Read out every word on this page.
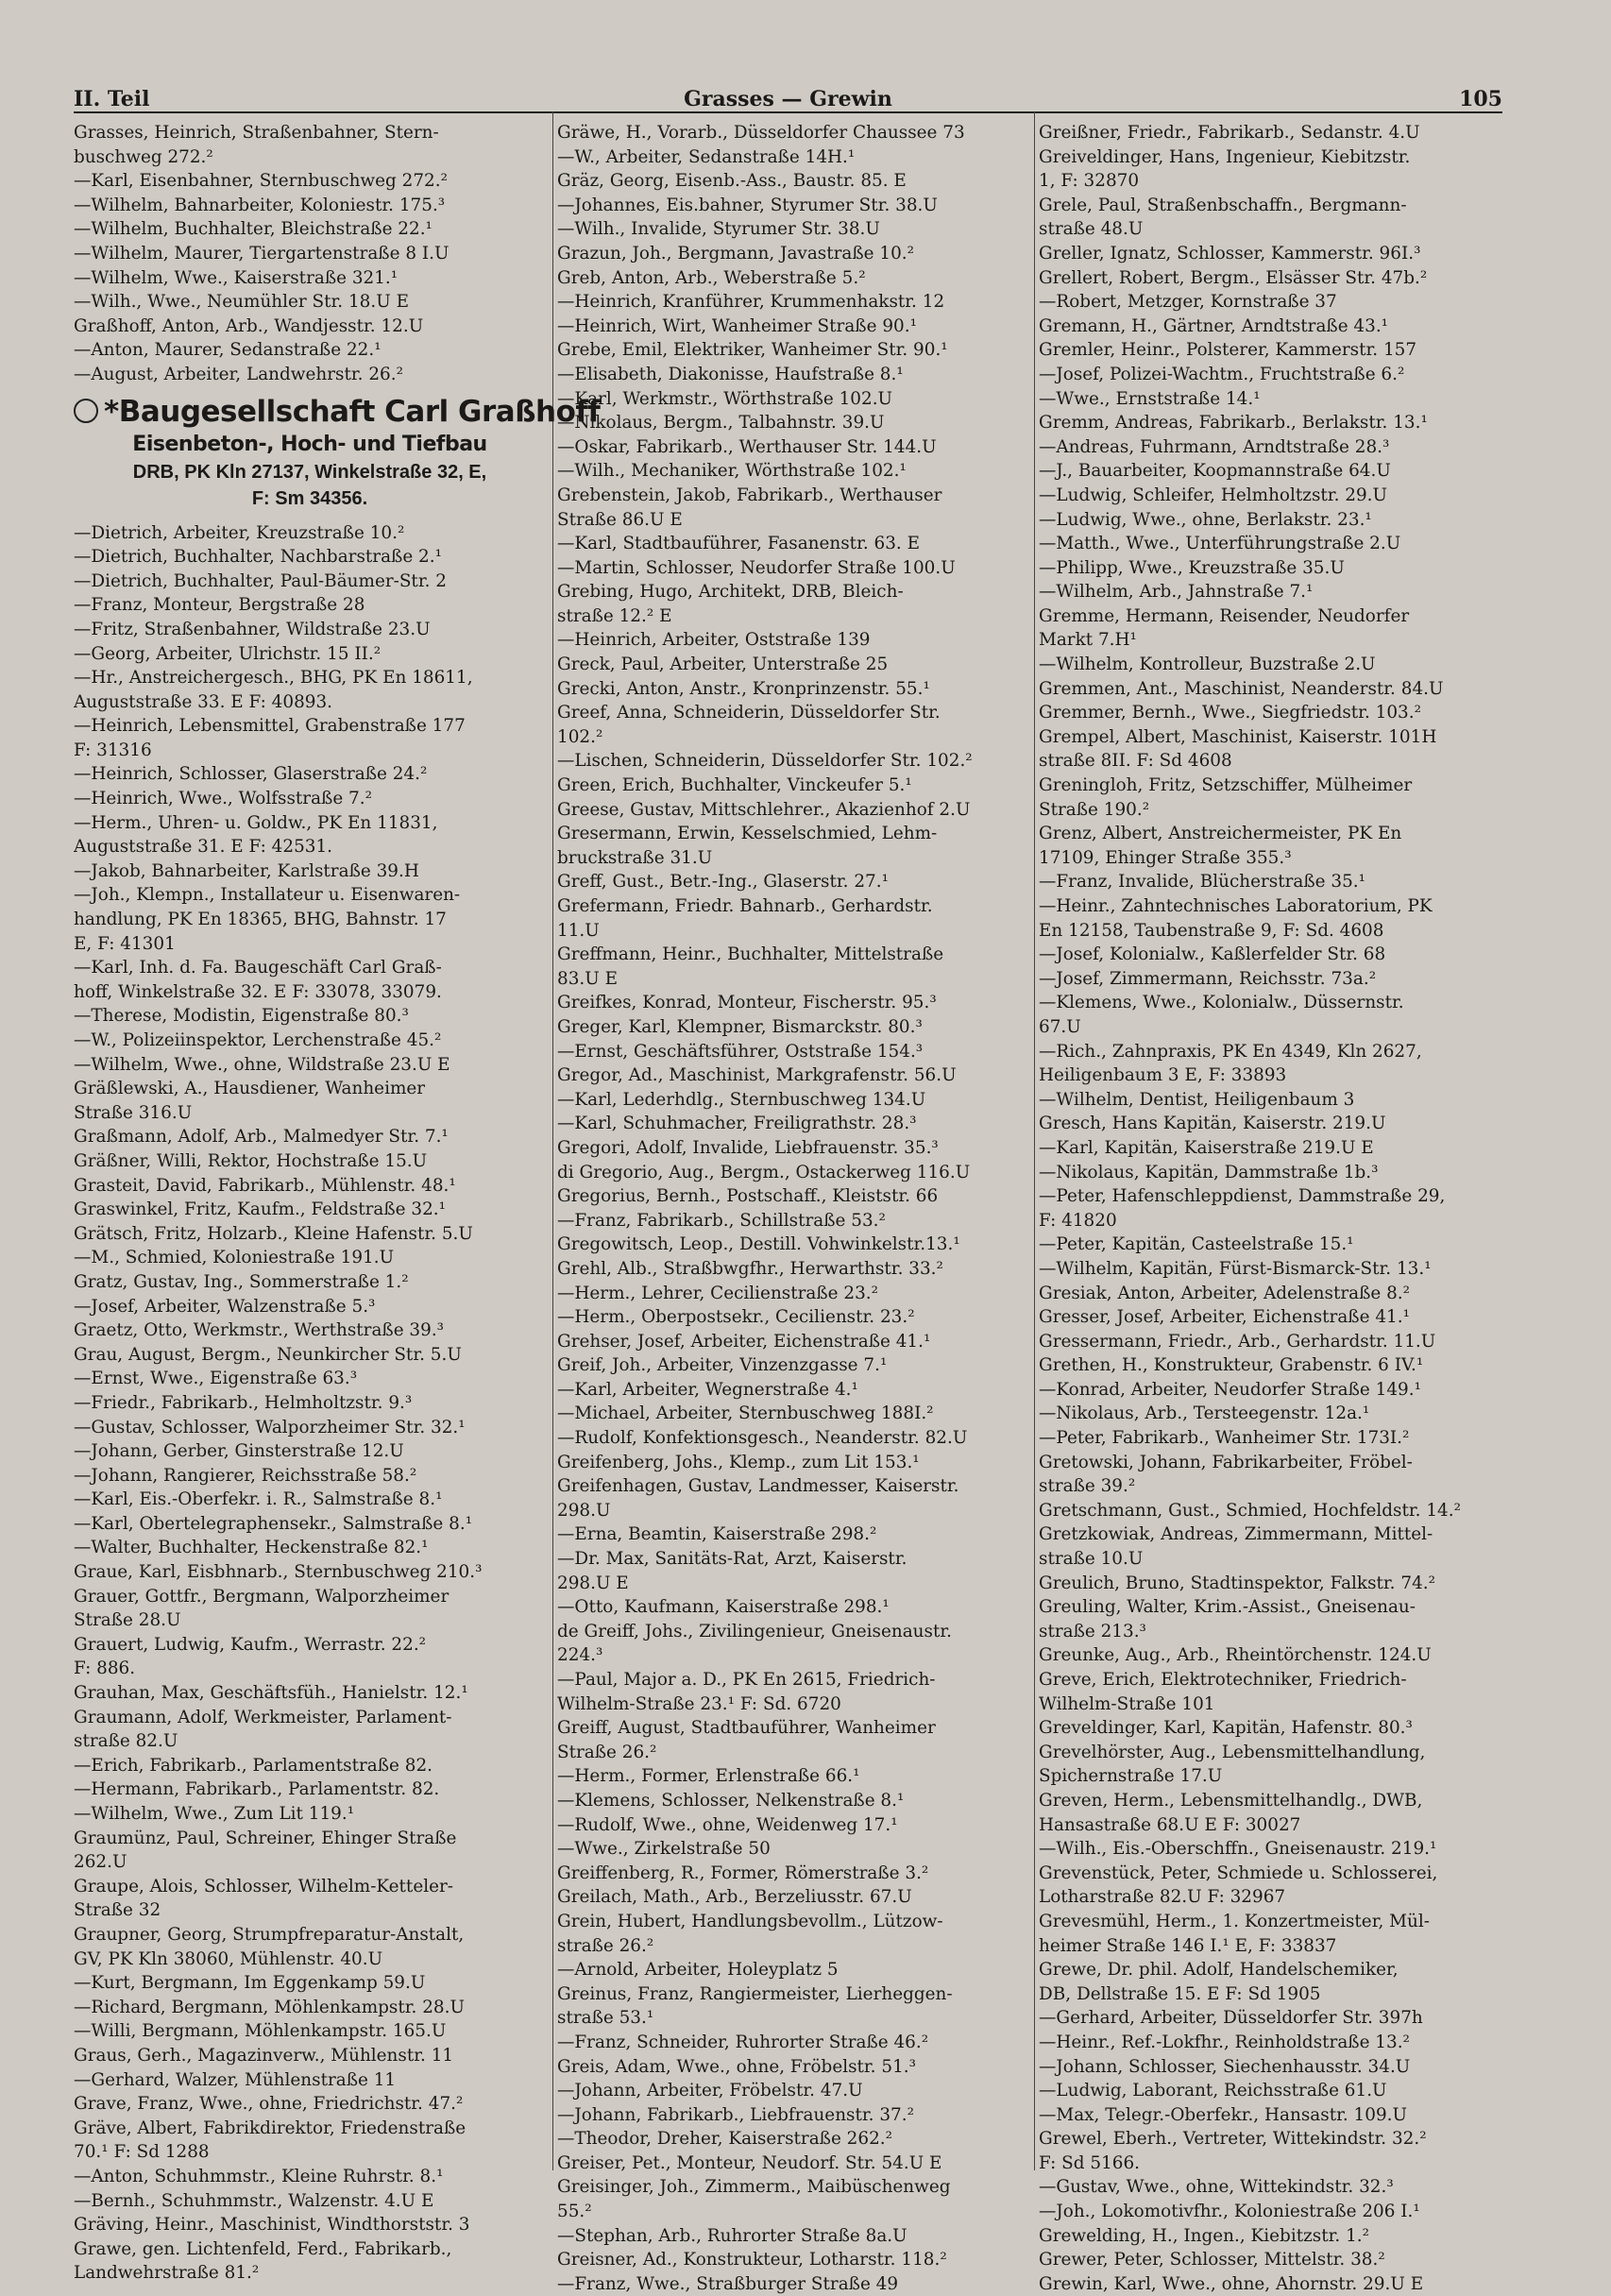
II. Teil	Grasses — Grewin	105
Grasses, Heinrich, Straßenbahner, Stern-
buschweg 272.²
—Karl, Eisenbahner, Sternbuschweg 272.²
—Wilhelm, Bahnarbeiter, Koloniestr. 175.³
—Wilhelm, Buchhalter, Bleichstraße 22.¹
—Wilhelm, Maurer, Tiergartenstraße 8 I.U
—Wilhelm, Wwe., Kaiserstraße 321.¹
—Wilh., Wwe., Neumühler Str. 18.U E
Graßhoff, Anton, Arb., Wandjesstr. 12.U
—Anton, Maurer, Sedanstraße 22.¹
—August, Arbeiter, Landwehrstr. 26.²
*Baugesellschaft Carl Graßhoff
Eisenbeton-, Hoch- und Tiefbau
DRB, PK Kln 27137, Winkelstraße 32, E,
F: Sm 34356.
—Dietrich, Arbeiter, Kreuzstraße 10.²
—Dietrich, Buchhalter, Nachbarstraße 2.¹
—Dietrich, Buchhalter, Paul-Bäumer-Str. 2
—Franz, Monteur, Bergstraße 28
—Fritz, Straßenbahner, Wildstraße 23.U
—Georg, Arbeiter, Ulrichstr. 15 II.²
—Hr., Anstreichergesch., BHG, PK En 18611,
Auguststraße 33. E F: 40893.
—Heinrich, Lebensmittel, Grabenstraße 177
F: 31316
—Heinrich, Schlosser, Glaserstraße 24.²
—Heinrich, Wwe., Wolfsstraße 7.²
—Herm., Uhren- u. Goldw., PK En 11831,
Auguststraße 31. E F: 42531.
—Jakob, Bahnarbeiter, Karlstraße 39.H
—Joh., Klempn., Installateur u. Eisenwaren-
handlung, PK En 18365, BHG, Bahnstr. 17
E, F: 41301
—Karl, Inh. d. Fa. Baugeschäft Carl Graß-
hoff, Winkelstraße 32. E F: 33078, 33079.
—Therese, Modistin, Eigenstraße 80.³
—W., Polizeiinspektor, Lerchenstraße 45.²
—Wilhelm, Wwe., ohne, Wildstraße 23.U E
Gräßlewski, A., Hausdiener, Wanheimer
Straße 316.U
Graßmann, Adolf, Arb., Malmedyer Str. 7.¹
Gräßner, Willi, Rektor, Hochstraße 15.U
Grasteit, David, Fabrikarb., Mühlenstr. 48.¹
Graswinkel, Fritz, Kaufm., Feldstraße 32.¹
Grätsch, Fritz, Holzarb., Kleine Hafenstr. 5.U
—M., Schmied, Koloniestraße 191.U
Gratz, Gustav, Ing., Sommerstraße 1.²
—Josef, Arbeiter, Walzenstraße 5.³
Graetz, Otto, Werkmstr., Werthstraße 39.³
Grau, August, Bergm., Neunkircher Str. 5.U
—Ernst, Wwe., Eigenstraße 63.³
—Friedr., Fabrikarb., Helmholtzstr. 9.³
—Gustav, Schlosser, Walporzheimer Str. 32.¹
—Johann, Gerber, Ginsterstraße 12.U
—Johann, Rangierer, Reichsstraße 58.²
—Karl, Eis.-Oberfekr. i. R., Salmstraße 8.¹
—Karl, Obertelegraphensekr., Salmstraße 8.¹
—Walter, Buchhalter, Heckenstraße 82.¹
Graue, Karl, Eisbhnarb., Sternbuschweg 210.³
Grauer, Gottfr., Bergmann, Walporzheimer
Straße 28.U
Grauert, Ludwig, Kaufm., Werrastr. 22.²
F: 886.
Grauhan, Max, Geschäftsfüh., Hanielstr. 12.¹
Graumann, Adolf, Werkmeister, Parlament-
straße 82.U
—Erich, Fabrikarb., Parlamentstraße 82.
—Hermann, Fabrikarb., Parlamentstr. 82.
—Wilhelm, Wwe., Zum Lit 119.¹
Graumünz, Paul, Schreiner, Ehinger Straße
262.U
Graupe, Alois, Schlosser, Wilhelm-Ketteler-
Straße 32
Graupner, Georg, Strumpfreparatur-Anstalt,
GV, PK Kln 38060, Mühlenstr. 40.U
—Kurt, Bergmann, Im Eggenkamp 59.U
—Richard, Bergmann, Möhlenkampstr. 28.U
—Willi, Bergmann, Möhlenkampstr. 165.U
Graus, Gerh., Magazinverw., Mühlenstr. 11
—Gerhard, Walzer, Mühlenstraße 11
Grave, Franz, Wwe., ohne, Friedrichstr. 47.²
Gräve, Albert, Fabrikdirektor, Friedenstraße
70.¹ F: Sd 1288
—Anton, Schuhmmstr., Kleine Ruhrstr. 8.¹
—Bernh., Schuhmmstr., Walzenstr. 4.U E
Gräving, Heinr., Maschinist, Windthorststr. 3
Grawe, gen. Lichtenfeld, Ferd., Fabrikarb.,
Landwehrstraße 81.²
Gräwe, H., Vorarb., Düsseldorfer Chaussee 73
—W., Arbeiter, Sedanstraße 14H.¹
Gräz, Georg, Eisenb.-Ass., Baustr. 85. E
—Johannes, Eis.bahner, Styrumer Str. 38.U
—Wilh., Invalide, Styrumer Str. 38.U
Grazun, Joh., Bergmann, Javastraße 10.²
Greb, Anton, Arb., Weberstraße 5.²
—Heinrich, Kranführer, Krummenhakstr. 12
—Heinrich, Wirt, Wanheimer Straße 90.¹
Grebe, Emil, Elektriker, Wanheimer Str. 90.¹
—Elisabeth, Diakonisse, Haufstraße 8.¹
—Karl, Werkmstr., Wörthstraße 102.U
—Nikolaus, Bergm., Talbahnstr. 39.U
—Oskar, Fabrikarb., Werthauser Str. 144.U
—Wilh., Mechaniker, Wörthstraße 102.¹
Grebenstein, Jakob, Fabrikarb., Werthauser
Straße 86.U E
—Karl, Stadtbauführer, Fasanenstr. 63. E
—Martin, Schlosser, Neudorfer Straße 100.U
Grebing, Hugo, Architekt, DRB, Bleich-
straße 12.² E
—Heinrich, Arbeiter, Oststraße 139
Greck, Paul, Arbeiter, Unterstraße 25
Grecki, Anton, Anstr., Kronprinzenstr. 55.¹
Greef, Anna, Schneiderin, Düsseldorfer Str.
102.²
—Lischen, Schneiderin, Düsseldorfer Str. 102.²
Green, Erich, Buchhalter, Vinckeufer 5.¹
Greese, Gustav, Mittschlehrer., Akazienhof 2.U
Gresermann, Erwin, Kesselschmied, Lehm-
bruckstraße 31.U
Greff, Gust., Betr.-Ing., Glaserstr. 27.¹
Grefermann, Friedr. Bahnarb., Gerhardstr.
11.U
Greffmann, Heinr., Buchhalter, Mittelstraße
83.U E
Greifkes, Konrad, Monteur, Fischerstr. 95.³
Greger, Karl, Klempner, Bismarckstr. 80.³
—Ernst, Geschäftsführer, Oststraße 154.³
Gregor, Ad., Maschinist, Markgrafenstr. 56.U
—Karl, Lederhdlg., Sternbuschweg 134.U
—Karl, Schuhmacher, Freiligrathstr. 28.³
Gregori, Adolf, Invalide, Liebfrauenstr. 35.³
di Gregorio, Aug., Bergm., Ostackerweg 116.U
Gregorius, Bernh., Postschaff., Kleiststr. 66
—Franz, Fabrikarb., Schillstraße 53.²
Gregowitsch, Leop., Destill. Vohwinkelstr.13.¹
Grehl, Alb., Straßbwgfhr., Herwarthstr. 33.²
—Herm., Lehrer, Cecilienstraße 23.²
—Herm., Oberpostsekr., Cecilienstr. 23.²
Grehser, Josef, Arbeiter, Eichenstraße 41.¹
Greif, Joh., Arbeiter, Vinzenzgasse 7.¹
—Karl, Arbeiter, Wegnerstraße 4.¹
—Michael, Arbeiter, Sternbuschweg 188I.²
—Rudolf, Konfektionsgesch., Neanderstr. 82.U
Greifenberg, Johs., Klemp., zum Lit 153.¹
Greifenhagen, Gustav, Landmesser, Kaiserstr.
298.U
—Erna, Beamtin, Kaiserstraße 298.²
—Dr. Max, Sanitäts-Rat, Arzt, Kaiserstr.
298.U E
—Otto, Kaufmann, Kaiserstraße 298.¹
de Greiff, Johs., Zivilingenieur, Gneisenaustr.
224.³
—Paul, Major a. D., PK En 2615, Friedrich-
Wilhelm-Straße 23.¹ F: Sd. 6720
Greiff, August, Stadtbauführer, Wanheimer
Straße 26.²
—Herm., Former, Erlenstraße 66.¹
—Klemens, Schlosser, Nelkenstraße 8.¹
—Rudolf, Wwe., ohne, Weidenweg 17.¹
—Wwe., Zirkelstraße 50
Greiffenberg, R., Former, Römerstraße 3.²
Greilach, Math., Arb., Berzeliusstr. 67.U
Grein, Hubert, Handlungsbevollm., Lützow-
straße 26.²
—Arnold, Arbeiter, Holeyplatz 5
Greinus, Franz, Rangiermeister, Lierheggen-
straße 53.¹
—Franz, Schneider, Ruhrorter Straße 46.²
Greis, Adam, Wwe., ohne, Fröbelstr. 51.³
—Johann, Arbeiter, Fröbelstr. 47.U
—Johann, Fabrikarb., Liebfrauenstr. 37.²
—Theodor, Dreher, Kaiserstraße 262.²
Greiser, Pet., Monteur, Neudorf. Str. 54.U E
Greisinger, Joh., Zimmerm., Maibüschenweg
55.²
—Stephan, Arb., Ruhrorter Straße 8a.U
Greisner, Ad., Konstrukteur, Lotharstr. 118.²
—Franz, Wwe., Straßburger Straße 49
Greißner, Friedr., Fabrikarb., Sedanstr. 4.U
Greiveldinger, Hans, Ingenieur, Kiebitzstr.
1, F: 32870
Grele, Paul, Straßenbschaffn., Bergmann-
straße 48.U
Greller, Ignatz, Schlosser, Kammerstr. 96I.³
Grellert, Robert, Bergm., Elsässer Str. 47b.²
—Robert, Metzger, Kornstraße 37
Gremann, H., Gärtner, Arndtstraße 43.¹
Gremler, Heinr., Polsterer, Kammerstr. 157
—Josef, Polizei-Wachtm., Fruchtstraße 6.²
—Wwe., Ernststraße 14.¹
Gremm, Andreas, Fabrikarb., Berlakstr. 13.¹
—Andreas, Fuhrmann, Arndtstraße 28.³
—J., Bauarbeiter, Koopmannstraße 64.U
—Ludwig, Schleifer, Helmholtzstr. 29.U
—Ludwig, Wwe., ohne, Berlakstr. 23.¹
—Matth., Wwe., Unterführungstraße 2.U
—Philipp, Wwe., Kreuzstraße 35.U
—Wilhelm, Arb., Jahnstraße 7.¹
Gremme, Hermann, Reisender, Neudorfer
Markt 7.H¹
—Wilhelm, Kontrolleur, Buzstraße 2.U
Gremmen, Ant., Maschinist, Neanderstr. 84.U
Gremmer, Bernh., Wwe., Siegfriedstr. 103.²
Grempel, Albert, Maschinist, Kaiserstr. 101H
straße 8II. F: Sd 4608
Greningloh, Fritz, Setzschiffer, Mülheimer
Straße 190.²
Grenz, Albert, Anstreichermeister, PK En
17109, Ehinger Straße 355.³
—Franz, Invalide, Blücherstraße 35.¹
—Heinr., Zahntechnisches Laboratorium, PK
En 12158, Taubenstraße 9, F: Sd. 4608
—Josef, Kolonialw., Kaßlerfelder Str. 68
—Josef, Zimmermann, Reichsstr. 73a.²
—Klemens, Wwe., Kolonialw., Düssernstr.
67.U
—Rich., Zahnpraxis, PK En 4349, Kln 2627,
Heiligenbaum 3 E, F: 33893
—Wilhelm, Dentist, Heiligenbaum 3
Gresch, Hans Kapitän, Kaiserstr. 219.U
—Karl, Kapitän, Kaiserstraße 219.U E
—Nikolaus, Kapitän, Dammstraße 1b.³
—Peter, Hafenschleppdienst, Dammstraße 29,
F: 41820
—Peter, Kapitän, Casteelstraße 15.¹
—Wilhelm, Kapitän, Fürst-Bismarck-Str. 13.¹
Gresiak, Anton, Arbeiter, Adelenstraße 8.²
Gresser, Josef, Arbeiter, Eichenstraße 41.¹
Gressermann, Friedr., Arb., Gerhardstr. 11.U
Grethen, H., Konstrukteur, Grabenstr. 6 IV.¹
—Konrad, Arbeiter, Neudorfer Straße 149.¹
—Nikolaus, Arb., Tersteegenstr. 12a.¹
—Peter, Fabrikarb., Wanheimer Str. 173I.²
Gretowski, Johann, Fabrikarbeiter, Fröbel-
straße 39.²
Gretschmann, Gust., Schmied, Hochfeldstr. 14.²
Gretzkowiak, Andreas, Zimmermann, Mittel-
straße 10.U
Greulich, Bruno, Stadtinspektor, Falkstr. 74.²
Greuling, Walter, Krim.-Assist., Gneisenau-
straße 213.³
Greunke, Aug., Arb., Rheintörchenstr. 124.U
Greve, Erich, Elektrotechniker, Friedrich-
Wilhelm-Straße 101
Greveldinger, Karl, Kapitän, Hafenstr. 80.³
Grevelhörster, Aug., Lebensmittelhandlung,
Spichernstraße 17.U
Greven, Herm., Lebensmittelhandlg., DWB,
Hansastraße 68.U E F: 30027
—Wilh., Eis.-Oberschffn., Gneisenaustr. 219.¹
Grevenstück, Peter, Schmiede u. Schlosserei,
Lotharstraße 82.U F: 32967
Grevesmühl, Herm., 1. Konzertmeister, Mül-
heimer Straße 146 I.¹ E, F: 33837
Grewe, Dr. phil. Adolf, Handelschemiker,
DB, Dellstraße 15. E F: Sd 1905
—Gerhard, Arbeiter, Düsseldorfer Str. 397h
—Heinr., Ref.-Lokfhr., Reinholdstraße 13.²
—Johann, Schlosser, Siechenhausstr. 34.U
—Ludwig, Laborant, Reichsstraße 61.U
—Max, Telegr.-Oberfekr., Hansastr. 109.U
Grewel, Eberh., Vertreter, Wittekindstr. 32.²
F: Sd 5166.
—Gustav, Wwe., ohne, Wittekindstr. 32.³
—Joh., Lokomotivfhr., Koloniestraße 206 I.¹
Grewelding, H., Ingen., Kiebitzstr. 1.²
Grewer, Peter, Schlosser, Mittelstr. 38.²
Grewin, Karl, Wwe., ohne, Ahornstr. 29.U E
